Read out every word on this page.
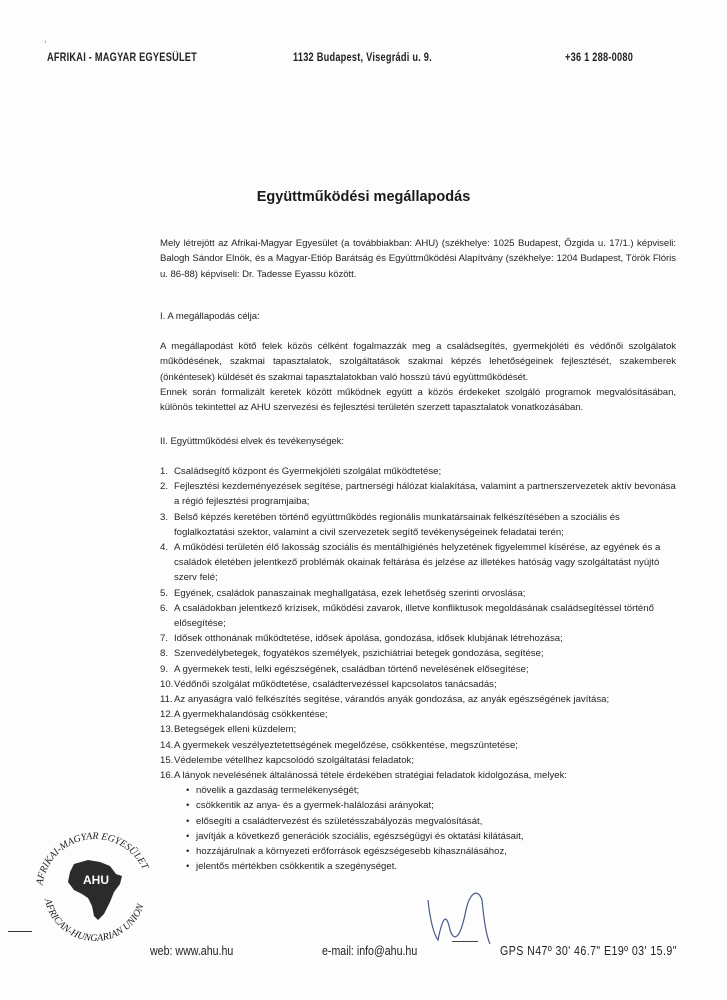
'
AFRIKAI - MAGYAR EGYESÜLET	1132 Budapest, Visegrádi u. 9.	+36 1 288-0080
Együttműködési megállapodás
Mely létrejött az Afrikai-Magyar Egyesület (a továbbiakban: AHU) (székhelye: 1025 Budapest, Őzgida u. 17/1.) képviseli: Balogh Sándor Elnök, és a Magyar-Etióp Barátság és Együttműködési Alapítvány (székhelye: 1204 Budapest, Török Flóris u. 86-88) képviseli: Dr. Tadesse Eyassu között.
I. A megállapodás célja:
A megállapodást kötő felek közös célként fogalmazzák meg a családsegítés, gyermekjóléti és védőnői szolgálatok működésének, szakmai tapasztalatok, szolgáltatások szakmai képzés lehetőségeinek fejlesztését, szakemberek (önkéntesek) küldését és szakmai tapasztalatokban való hosszú távú együttműködését.
Ennek során formalizált keretek között működnek együtt a közös érdekeket szolgáló programok megvalósításában, különös tekintettel az AHU szervezési és fejlesztési területén szerzett tapasztalatok vonatkozásában.
II. Együttműködési elvek és tevékenységek:
1. Családsegítő központ és Gyermekjóléti szolgálat működtetése;
2. Fejlesztési kezdeményezések segítése, partnerségi hálózat kialakítása, valamint a partnerszervezetek aktív bevonása a régió fejlesztési programjaiba;
3. Belső képzés keretében történő együttműködés regionális munkatársainak felkészítésében a szociális és foglalkoztatási szektor, valamint a civil szervezetek segítő tevékenységeinek feladatai terén;
4. A működési területén élő lakosság szociális és mentálhigiénés helyzetének figyelemmel kísérése, az egyének és a családok életében jelentkező problémák okainak feltárása és jelzése az illetékes hatóság vagy szolgáltatást nyújtó szerv felé;
5. Egyének, családok panaszainak meghallgatása, ezek lehetőség szerinti orvoslása;
6. A családokban jelentkező krízisek, működési zavarok, illetve konfliktusok megoldásának családsegítéssel történő elősegítése;
7. Idősek otthonának működtetése, idősek ápolása, gondozása, idősek klubjának létrehozása;
8. Szenvedélybetegek, fogyatékos személyek, pszichiátriai betegek gondozása, segítése;
9. A gyermekek testi, lelki egészségének, családban történő nevelésének elősegítése;
10. Védőnői szolgálat működtetése, családtervezéssel kapcsolatos tanácsadás;
11. Az anyaságra való felkészítés segítése, várandós anyák gondozása, az anyák egészségének javítása;
12. A gyermekhalandóság csökkentése;
13. Betegségek elleni küzdelem;
14. A gyermekek veszélyeztetettségének megelőzése, csökkentése, megszüntetése;
15. Védelembe vétellhez kapcsolódó szolgáltatási feladatok;
16. A lányok nevelésének általánossá tétele érdekében stratégiai feladatok kidolgozása, melyek:
• növelik a gazdaság termelékenységét;
• csökkentik az anya- és a gyermek-halálozási arányokat;
• elősegíti a családtervezést és születésszabályozás megvalósítását,
• javítják a következő generációk szociális, egészségügyi és oktatási kilátásait,
• hozzájárulnak a környezeti erőforrások egészségesebb kihasználásához,
• jelentős mértékben csökkentik a szegénységet.
AFRIKAI-MAGYAR EGYESÜLET
AFRICAN-HUNGARIAN UNION
AHU
web: www.ahu.hu	e-mail: info@ahu.hu	GPS N47º 30' 46.7" E19º 03' 15.9"
